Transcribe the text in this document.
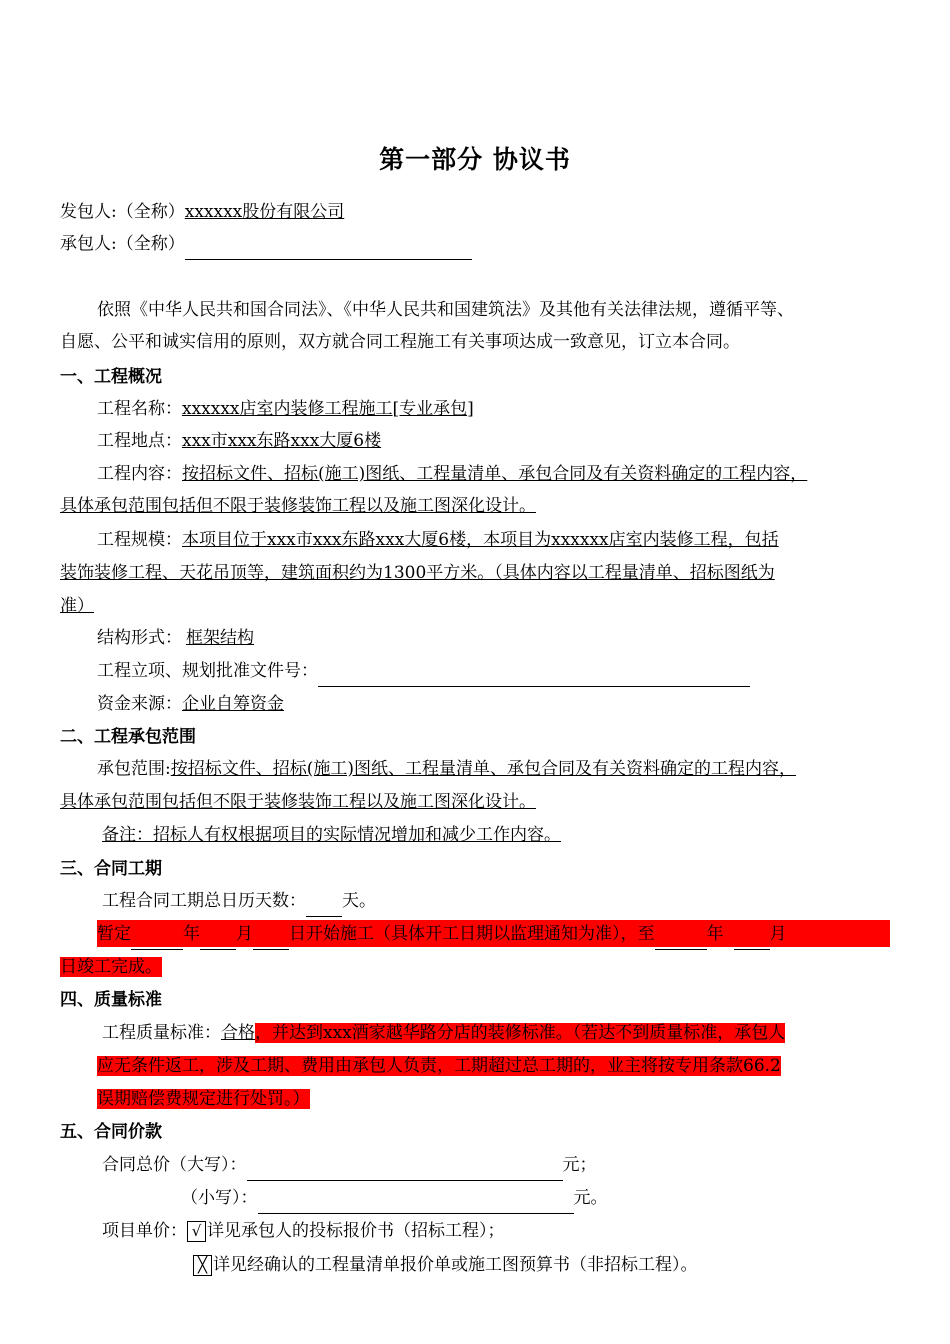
第一部分 协议书
发包人:（全称）xxxxxx股份有限公司
承包人:（全称）
依照《中华人民共和国合同法》、《中华人民共和国建筑法》及其他有关法律法规，遵循平等、
自愿、公平和诚实信用的原则，双方就合同工程施工有关事项达成一致意见，订立本合同。
一、工程概况
工程名称：xxxxxx店室内装修工程施工[专业承包]
工程地点：xxx市xxx东路xxx大厦6楼
工程内容：按招标文件、招标(施工)图纸、工程量清单、承包合同及有关资料确定的工程内容，
具体承包范围包括但不限于装修装饰工程以及施工图深化设计。
工程规模：本项目位于xxx市xxx东路xxx大厦6楼，本项目为xxxxxx店室内装修工程，包括
装饰装修工程、天花吊顶等，建筑面积约为1300平方米。（具体内容以工程量清单、招标图纸为
准）
结构形式： 框架结构
工程立项、规划批准文件号：
资金来源：企业自筹资金
二、工程承包范围
承包范围:按招标文件、招标(施工)图纸、工程量清单、承包合同及有关资料确定的工程内容，
具体承包范围包括但不限于装修装饰工程以及施工图深化设计。
备注：招标人有权根据项目的实际情况增加和减少工作内容。
三、合同工期
工程合同工期总日历天数： 天。
暂定	年 月 日开始施工（具体开工日期以监理通知为准），至	年	月
日竣工完成。
四、质量标准
工程质量标准：合格，并达到xxx酒家越华路分店的装修标准。（若达不到质量标准，承包人
应无条件返工，涉及工期、费用由承包人负责，工期超过总工期的，业主将按专用条款66.2
误期赔偿费规定进行处罚。）
五、合同价款
合同总价（大写）：	元；
（小写）：	元。
项目单价： √ 详见承包人的投标报价书（招标工程）；
╳ 详见经确认的工程量清单报价单或施工图预算书（非招标工程）。
